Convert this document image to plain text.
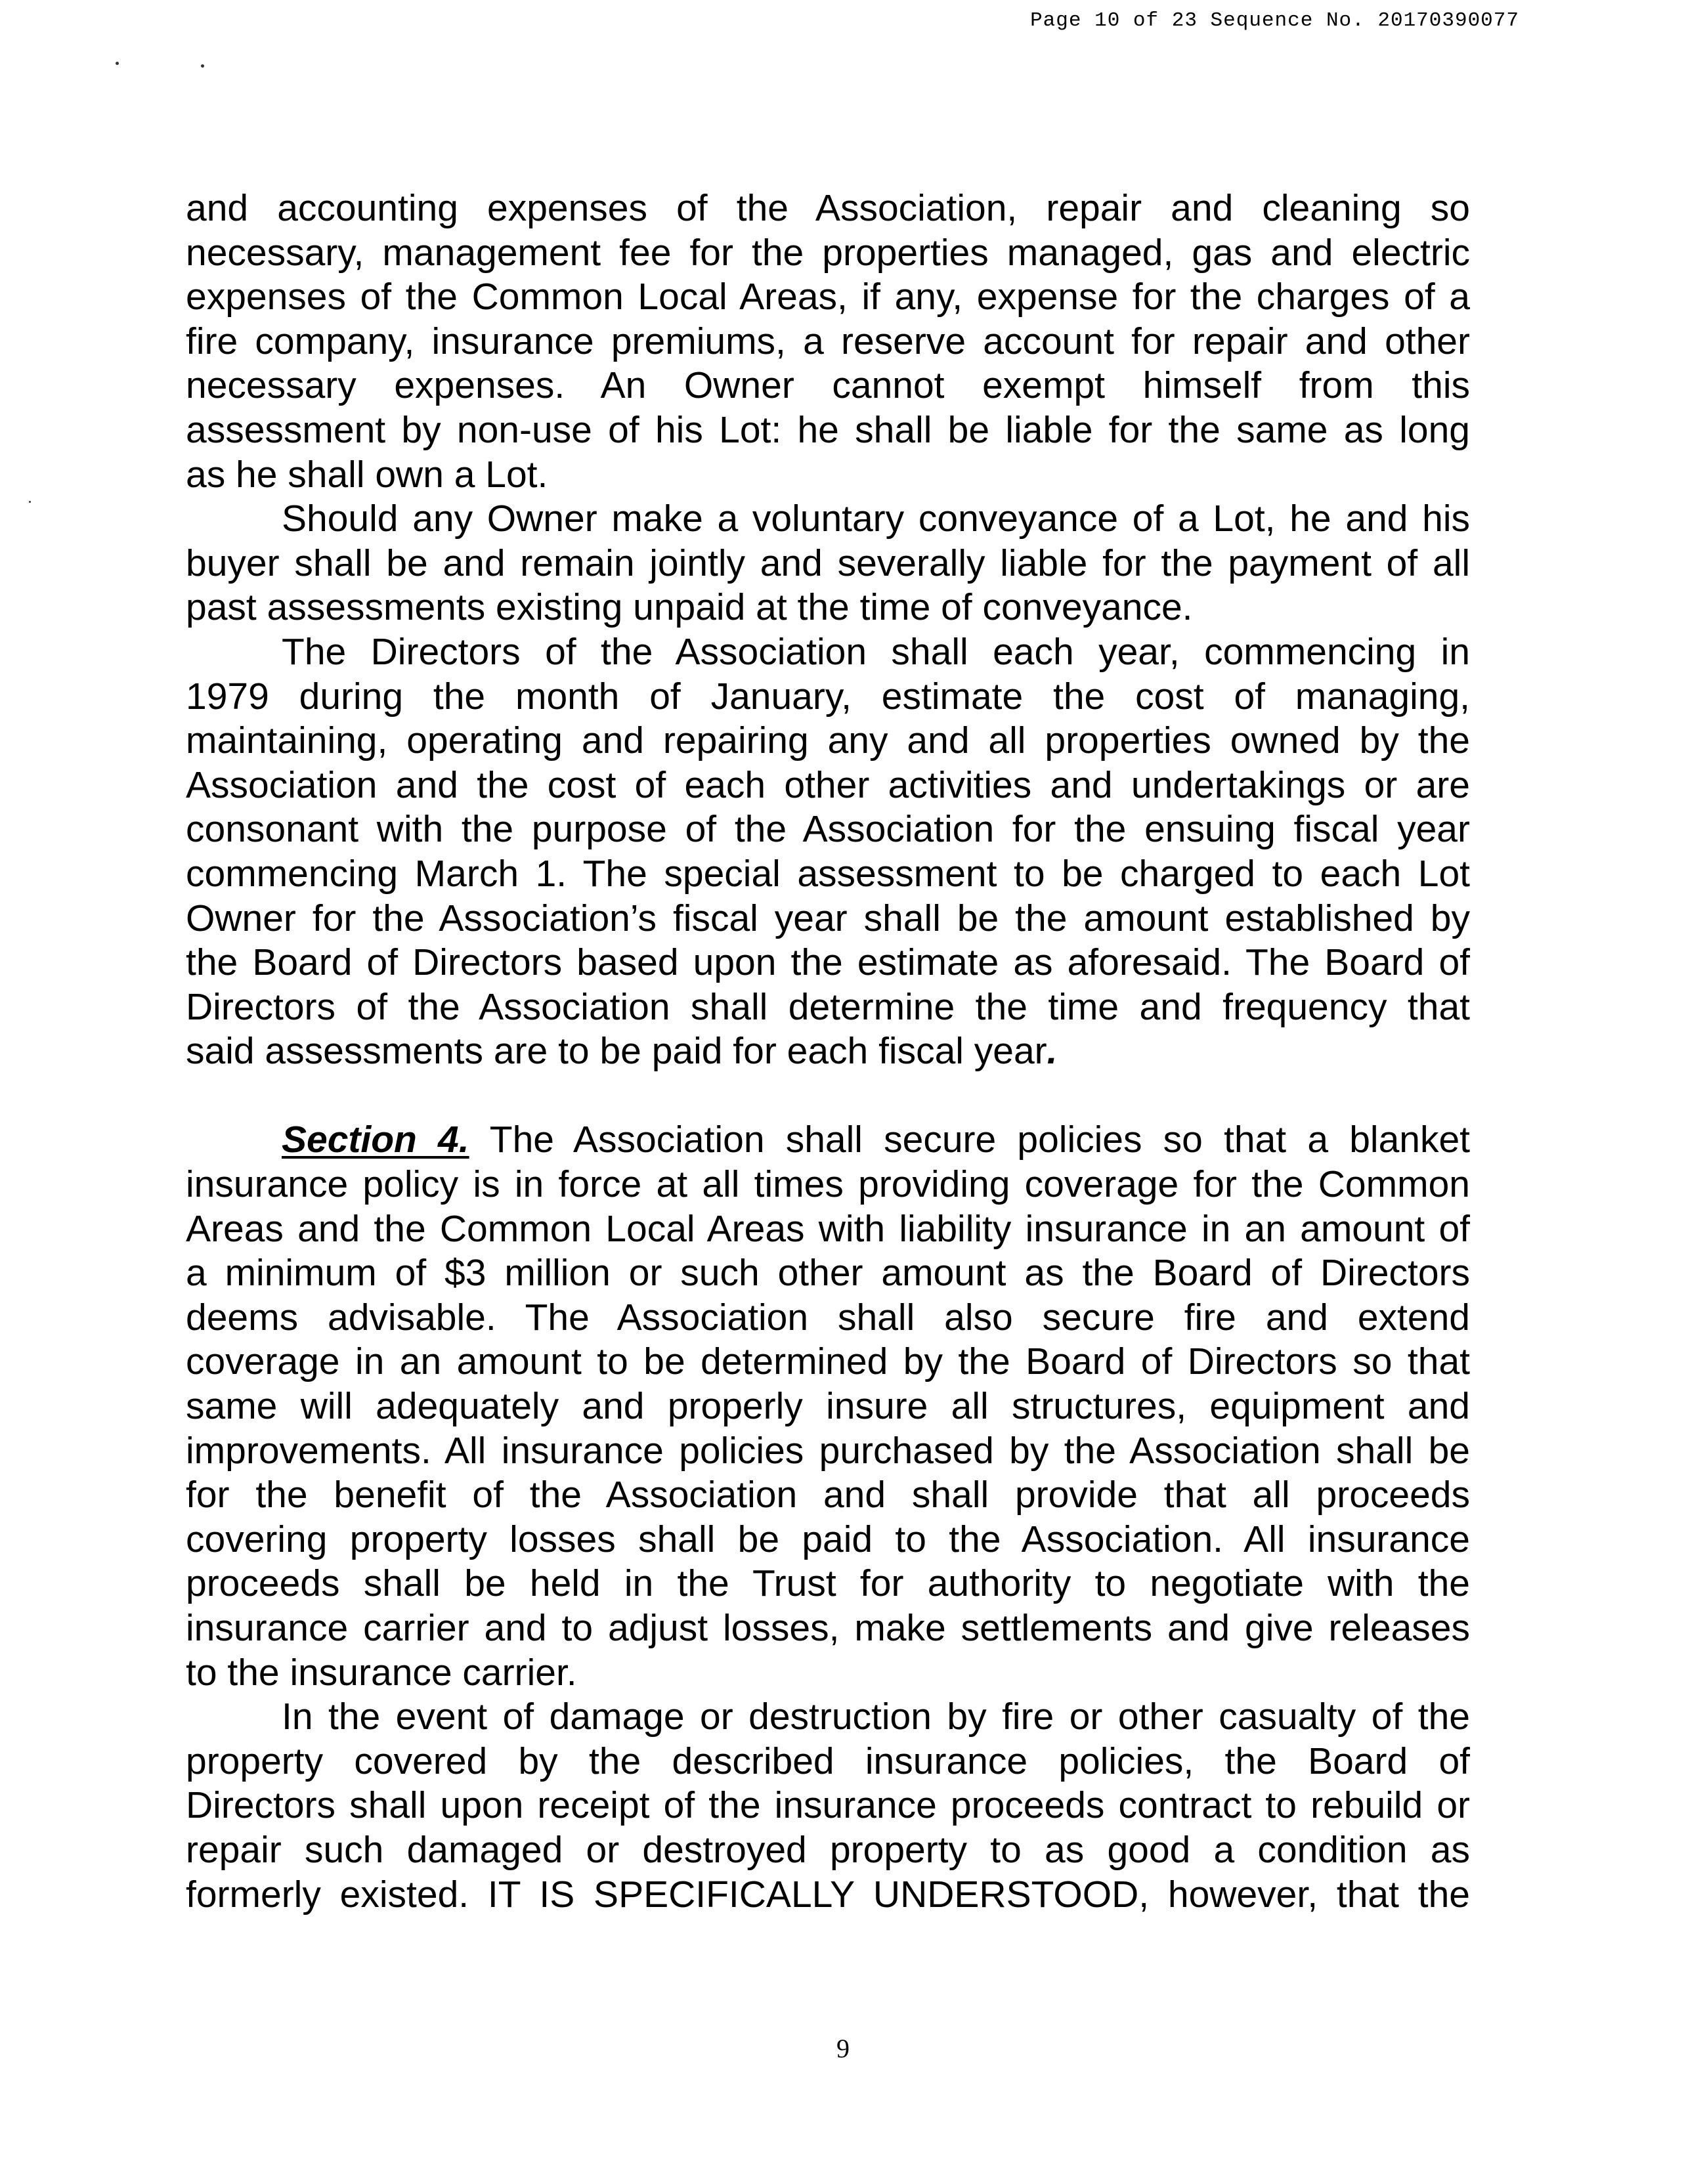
Page 10 of 23 Sequence No. 20170390077
and accounting expenses of the Association, repair and cleaning so
necessary, management fee for the properties managed, gas and electric
expenses of the Common Local Areas, if any, expense for the charges of a
fire company, insurance premiums, a reserve account for repair and other
necessary expenses. An Owner cannot exempt himself from this
assessment by non-use of his Lot: he shall be liable for the same as long
as he shall own a Lot.
Should any Owner make a voluntary conveyance of a Lot, he and his
buyer shall be and remain jointly and severally liable for the payment of all
past assessments existing unpaid at the time of conveyance.
The Directors of the Association shall each year, commencing in
1979 during the month of January, estimate the cost of managing,
maintaining, operating and repairing any and all properties owned by the
Association and the cost of each other activities and undertakings or are
consonant with the purpose of the Association for the ensuing fiscal year
commencing March 1. The special assessment to be charged to each Lot
Owner for the Association’s fiscal year shall be the amount established by
the Board of Directors based upon the estimate as aforesaid. The Board of
Directors of the Association shall determine the time and frequency that
said assessments are to be paid for each fiscal year.
Section 4. The Association shall secure policies so that a blanket
insurance policy is in force at all times providing coverage for the Common
Areas and the Common Local Areas with liability insurance in an amount of
a minimum of $3 million or such other amount as the Board of Directors
deems advisable. The Association shall also secure fire and extend
coverage in an amount to be determined by the Board of Directors so that
same will adequately and properly insure all structures, equipment and
improvements. All insurance policies purchased by the Association shall be
for the benefit of the Association and shall provide that all proceeds
covering property losses shall be paid to the Association. All insurance
proceeds shall be held in the Trust for authority to negotiate with the
insurance carrier and to adjust losses, make settlements and give releases
to the insurance carrier.
In the event of damage or destruction by fire or other casualty of the
property covered by the described insurance policies, the Board of
Directors shall upon receipt of the insurance proceeds contract to rebuild or
repair such damaged or destroyed property to as good a condition as
formerly existed. IT IS SPECIFICALLY UNDERSTOOD, however, that the
9
